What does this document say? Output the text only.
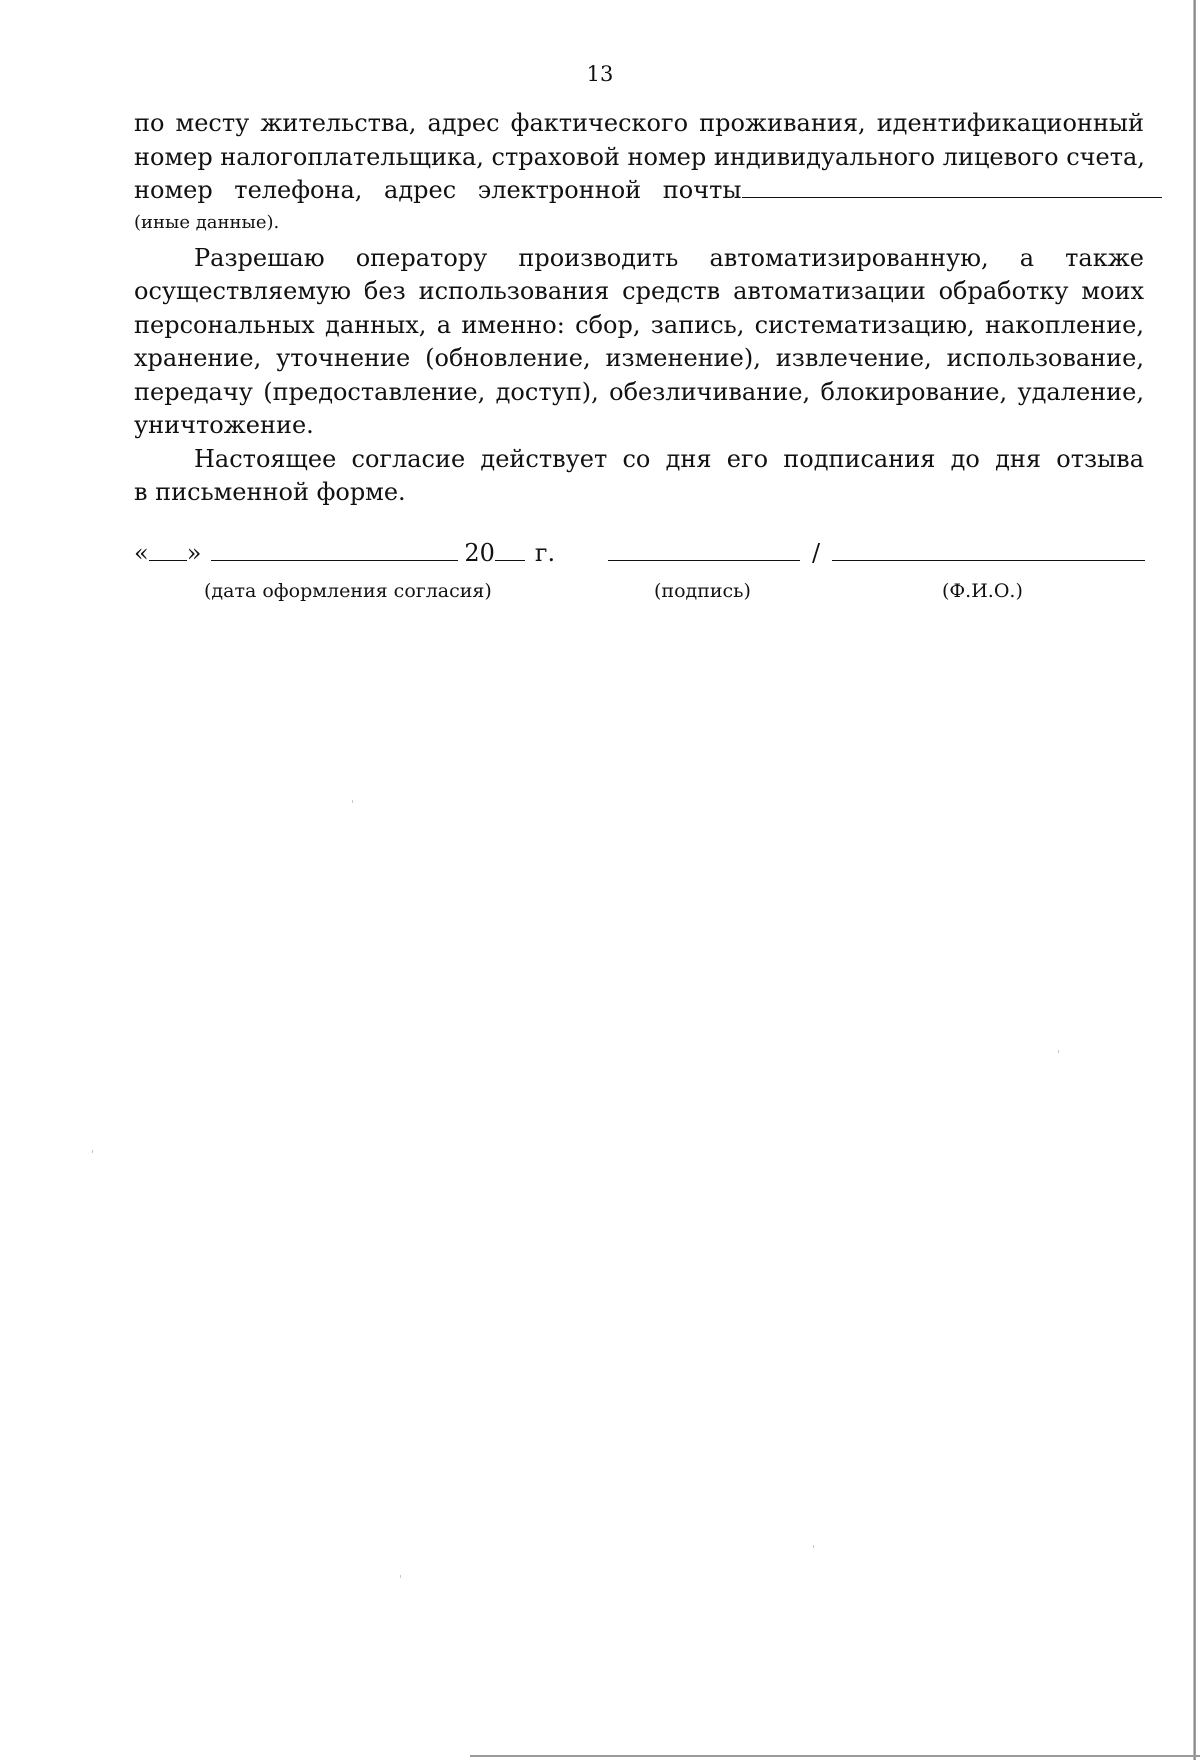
13
по месту жительства, адрес фактического проживания, идентификационный
номер налогоплательщика, страховой номер индивидуального лицевого счета,
номер телефона, адрес электронной почты
(иные данные).
Разрешаю оператору производить автоматизированную, а также
осуществляемую без использования средств автоматизации обработку моих
персональных данных, а именно: сбор, запись, систематизацию, накопление,
хранение, уточнение (обновление, изменение), извлечение, использование,
передачу (предоставление, доступ), обезличивание, блокирование, удаление,
уничтожение.
Настоящее согласие действует со дня его подписания до дня отзыва
в письменной форме.
« »	20 г.	/
(дата оформления согласия)	(подпись)	(Ф.И.О.)
